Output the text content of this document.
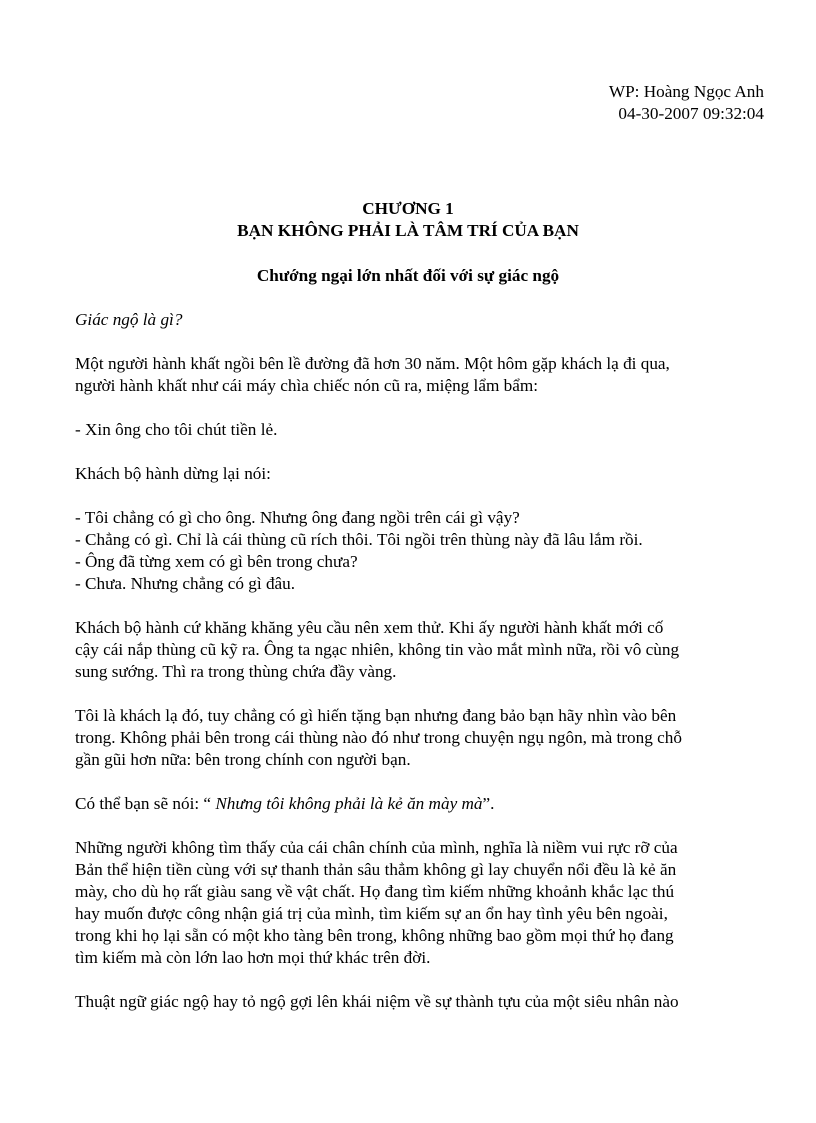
WP: Hoàng Ngọc Anh
04-30-2007 09:32:04
CHƯƠNG 1
BẠN KHÔNG PHẢI LÀ TÂM TRÍ CỦA BẠN
Chướng ngại lớn nhất đối với sự giác ngộ
Giác ngộ là gì?
Một người hành khất ngồi bên lề đường đã hơn 30 năm. Một hôm gặp khách lạ đi qua,
người hành khất như cái máy chìa chiếc nón cũ ra, miệng lẩm bẩm:
- Xin ông cho tôi chút tiền lẻ.
Khách bộ hành dừng lại nói:
- Tôi chẳng có gì cho ông. Nhưng ông đang ngồi trên cái gì vậy?
- Chẳng có gì. Chỉ là cái thùng cũ rích thôi. Tôi ngồi trên thùng này đã lâu lắm rồi.
- Ông đã từng xem có gì bên trong chưa?
- Chưa. Nhưng chẳng có gì đâu.
Khách bộ hành cứ khăng khăng yêu cầu nên xem thử. Khi ấy người hành khất mới cố
cậy cái nắp thùng cũ kỹ ra. Ông ta ngạc nhiên, không tin vào mắt mình nữa, rồi vô cùng
sung sướng. Thì ra trong thùng chứa đầy vàng.
Tôi là khách lạ đó, tuy chẳng có gì hiến tặng bạn nhưng đang bảo bạn hãy nhìn vào bên
trong. Không phải bên trong cái thùng nào đó như trong chuyện ngụ ngôn, mà trong chỗ
gần gũi hơn nữa: bên trong chính con người bạn.
Có thể bạn sẽ nói: “ Nhưng tôi không phải là kẻ ăn mày mà”.
Những người không tìm thấy của cái chân chính của mình, nghĩa là niềm vui rực rỡ của
Bản thể hiện tiền cùng với sự thanh thản sâu thẳm không gì lay chuyển nổi đều là kẻ ăn
mày, cho dù họ rất giàu sang về vật chất. Họ đang tìm kiếm những khoảnh khắc lạc thú
hay muốn được công nhận giá trị của mình, tìm kiếm sự an ổn hay tình yêu bên ngoài,
trong khi họ lại sẵn có một kho tàng bên trong, không những bao gồm mọi thứ họ đang
tìm kiếm mà còn lớn lao hơn mọi thứ khác trên đời.
Thuật ngữ giác ngộ hay tỏ ngộ gợi lên khái niệm về sự thành tựu của một siêu nhân nào
